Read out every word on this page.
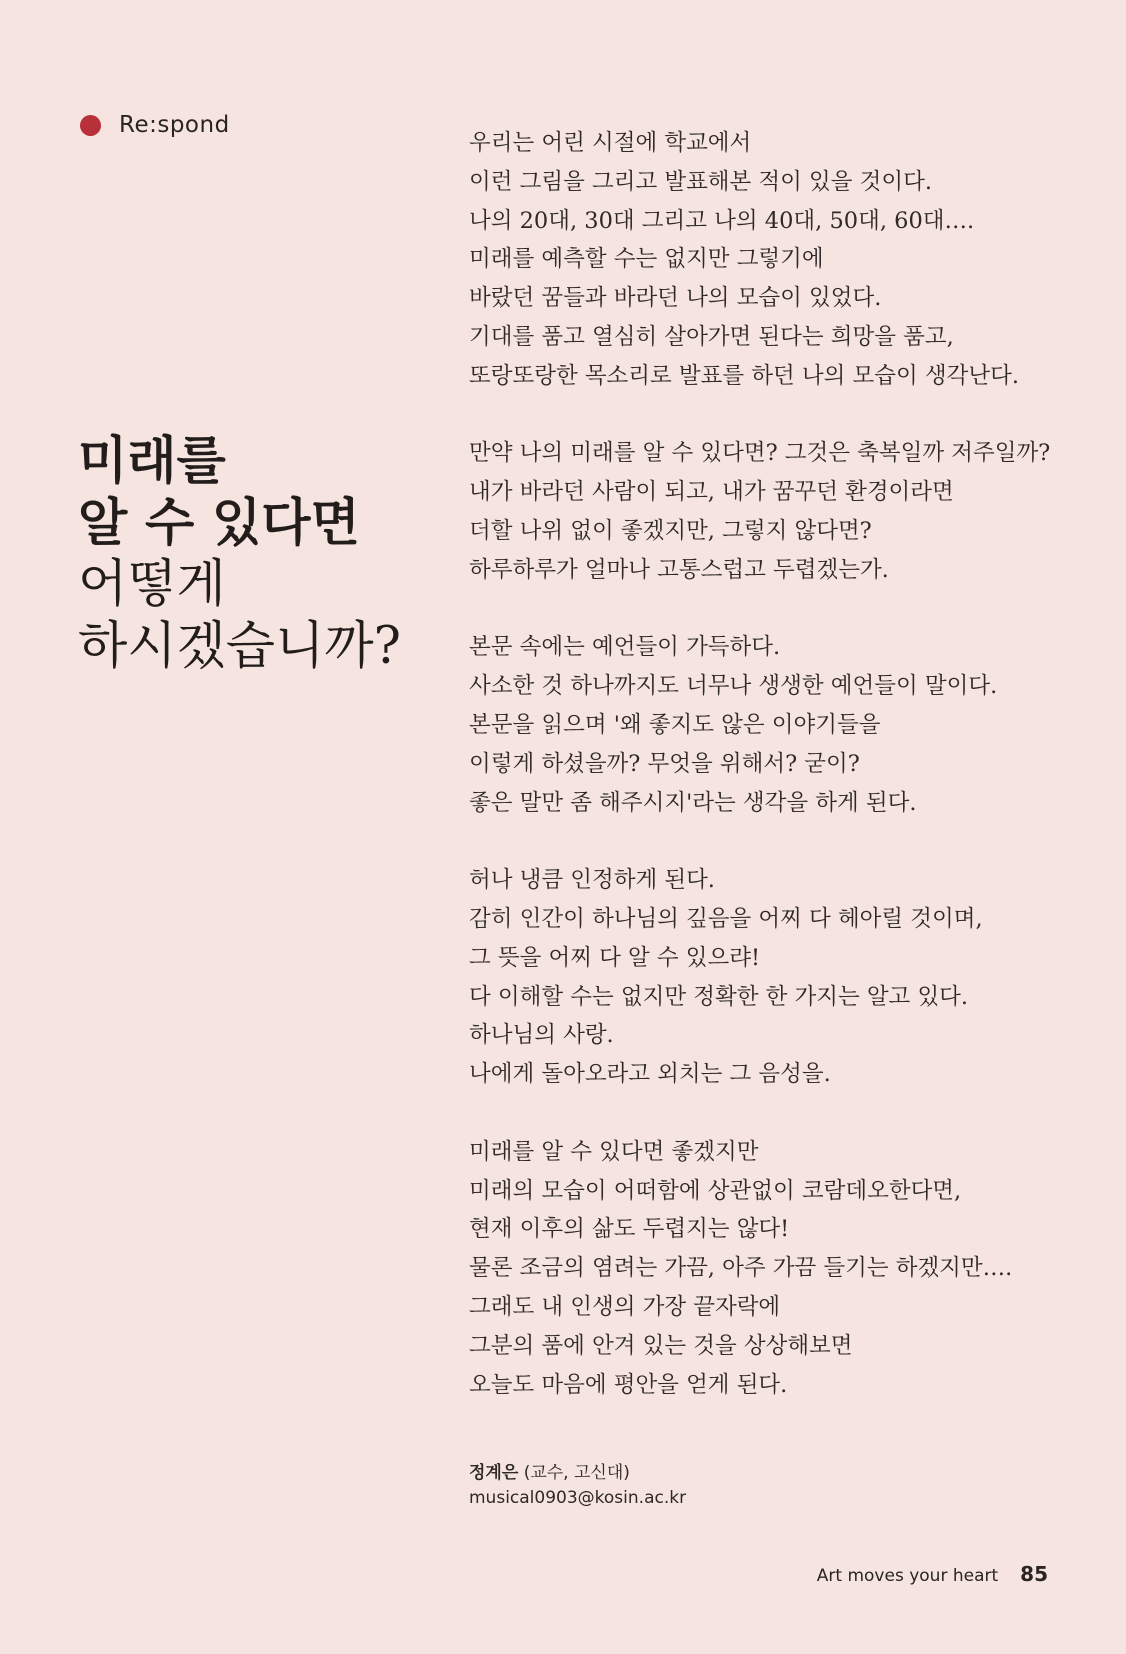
Re:spond
미래를
알 수 있다면
어떻게
하시겠습니까?
우리는 어린 시절에 학교에서
이런 그림을 그리고 발표해본 적이 있을 것이다.
나의 20대, 30대 그리고 나의 40대, 50대, 60대….
미래를 예측할 수는 없지만 그렇기에
바랐던 꿈들과 바라던 나의 모습이 있었다.
기대를 품고 열심히 살아가면 된다는 희망을 품고,
또랑또랑한 목소리로 발표를 하던 나의 모습이 생각난다.
만약 나의 미래를 알 수 있다면? 그것은 축복일까 저주일까?
내가 바라던 사람이 되고, 내가 꿈꾸던 환경이라면
더할 나위 없이 좋겠지만, 그렇지 않다면?
하루하루가 얼마나 고통스럽고 두렵겠는가.
본문 속에는 예언들이 가득하다.
사소한 것 하나까지도 너무나 생생한 예언들이 말이다.
본문을 읽으며 '왜 좋지도 않은 이야기들을
이렇게 하셨을까? 무엇을 위해서? 굳이?
좋은 말만 좀 해주시지'라는 생각을 하게 된다.
허나 냉큼 인정하게 된다.
감히 인간이 하나님의 깊음을 어찌 다 헤아릴 것이며,
그 뜻을 어찌 다 알 수 있으랴!
다 이해할 수는 없지만 정확한 한 가지는 알고 있다.
하나님의 사랑.
나에게 돌아오라고 외치는 그 음성을.
미래를 알 수 있다면 좋겠지만
미래의 모습이 어떠함에 상관없이 코람데오한다면,
현재 이후의 삶도 두렵지는 않다!
물론 조금의 염려는 가끔, 아주 가끔 들기는 하겠지만….
그래도 내 인생의 가장 끝자락에
그분의 품에 안겨 있는 것을 상상해보면
오늘도 마음에 평안을 얻게 된다.
정계은 (교수, 고신대)
musical0903@kosin.ac.kr
Art moves your heart 85
